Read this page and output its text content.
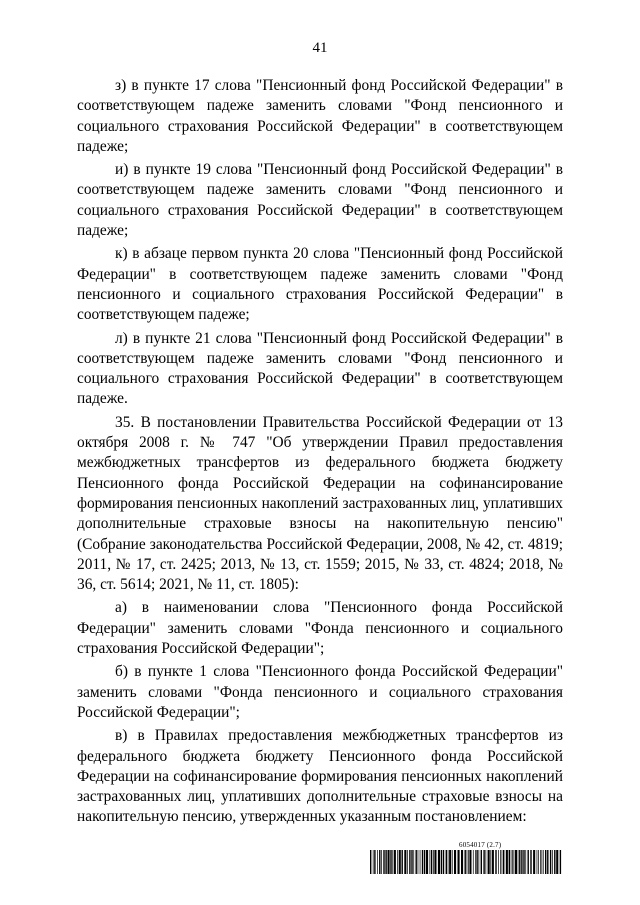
41

з) в пункте 17 слова "Пенсионный фонд Российской Федерации" в соответствующем падеже заменить словами "Фонд пенсионного и социального страхования Российской Федерации" в соответствующем падеже;

и) в пункте 19 слова "Пенсионный фонд Российской Федерации" в соответствующем падеже заменить словами "Фонд пенсионного и социального страхования Российской Федерации" в соответствующем падеже;

к) в абзаце первом пункта 20 слова "Пенсионный фонд Российской Федерации" в соответствующем падеже заменить словами "Фонд пенсионного и социального страхования Российской Федерации" в соответствующем падеже;

л) в пункте 21 слова "Пенсионный фонд Российской Федерации" в соответствующем падеже заменить словами "Фонд пенсионного и социального страхования Российской Федерации" в соответствующем падеже.

35. В постановлении Правительства Российской Федерации от 13 октября 2008 г. № 747 "Об утверждении Правил предоставления межбюджетных трансфертов из федерального бюджета бюджету Пенсионного фонда Российской Федерации на софинансирование формирования пенсионных накоплений застрахованных лиц, уплативших дополнительные страховые взносы на накопительную пенсию" (Собрание законодательства Российской Федерации, 2008, № 42, ст. 4819; 2011, № 17, ст. 2425; 2013, № 13, ст. 1559; 2015, № 33, ст. 4824; 2018, № 36, ст. 5614; 2021, № 11, ст. 1805):

а) в наименовании слова "Пенсионного фонда Российской Федерации" заменить словами "Фонда пенсионного и социального страхования Российской Федерации";

б) в пункте 1 слова "Пенсионного фонда Российской Федерации" заменить словами "Фонда пенсионного и социального страхования Российской Федерации";

в) в Правилах предоставления межбюджетных трансфертов из федерального бюджета бюджету Пенсионного фонда Российской Федерации на софинансирование формирования пенсионных накоплений застрахованных лиц, уплативших дополнительные страховые взносы на накопительную пенсию, утвержденных указанным постановлением:

6054017 (2.7)
